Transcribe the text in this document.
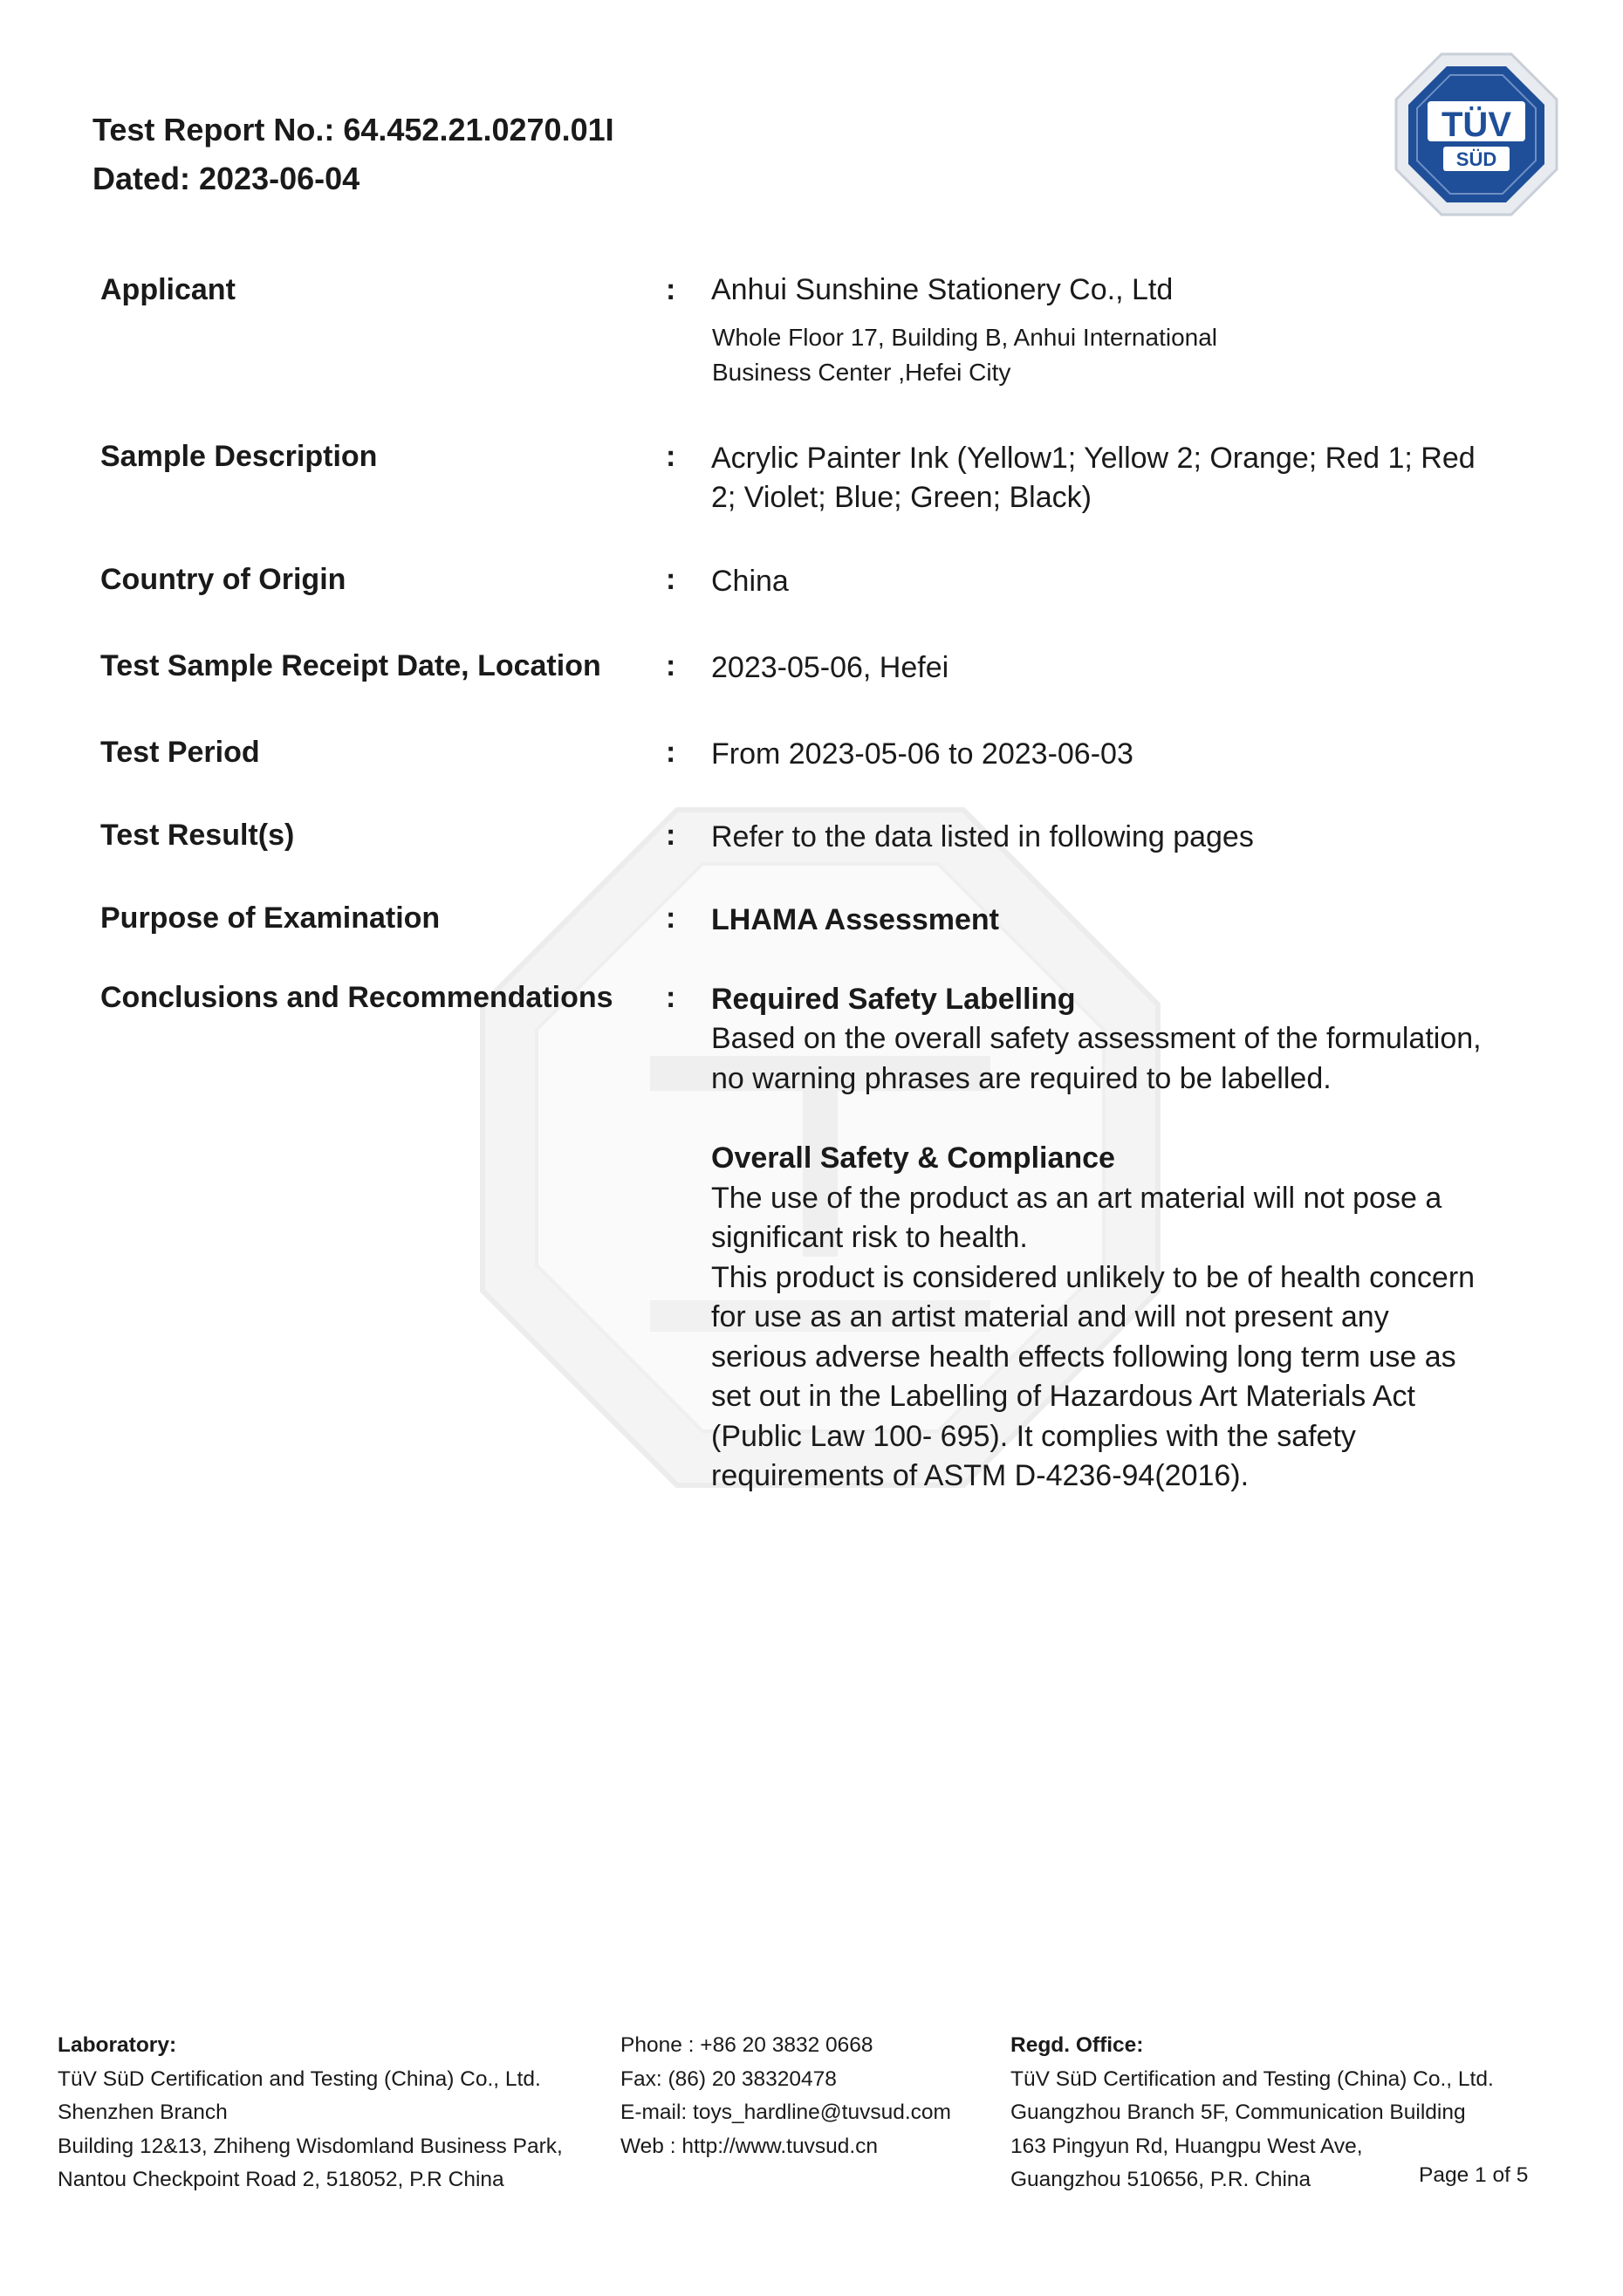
Test Report No.: 64.452.21.0270.01I
Dated: 2023-06-04
TÜV
SÜD
Applicant	: Anhui Sunshine Stationery Co., Ltd
Whole Floor 17, Building B, Anhui International
Business Center ,Hefei City
Sample Description	: Acrylic Painter Ink (Yellow1; Yellow 2; Orange; Red 1; Red
2; Violet; Blue; Green; Black)
Country of Origin	: China
Test Sample Receipt Date, Location : 2023-05-06, Hefei
Test Period	: From 2023-05-06 to 2023-06-03
Test Result(s)	: Refer to the data listed in following pages
Purpose of Examination	: LHAMA Assessment
Conclusions and Recommendations : Required Safety Labelling
Based on the overall safety assessment of the formulation,
no warning phrases are required to be labelled.
Overall Safety & Compliance
The use of the product as an art material will not pose a
significant risk to health.
This product is considered unlikely to be of health concern
for use as an artist material and will not present any
serious adverse health effects following long term use as
set out in the Labelling of Hazardous Art Materials Act
(Public Law 100- 695). It complies with the safety
requirements of ASTM D-4236-94(2016).
Laboratory:
TüV SüD Certification and Testing (China) Co., Ltd.
Shenzhen Branch
Building 12&13, Zhiheng Wisdomland Business Park,
Nantou Checkpoint Road 2, 518052, P.R China
Phone : +86 20 3832 0668
Fax: (86) 20 38320478
E-mail: toys_hardline@tuvsud.com
Web : http://www.tuvsud.cn
Regd. Office:
TüV SüD Certification and Testing (China) Co., Ltd.
Guangzhou Branch 5F, Communication Building
163 Pingyun Rd, Huangpu West Ave,
Guangzhou 510656, P.R. China	Page 1 of 5
